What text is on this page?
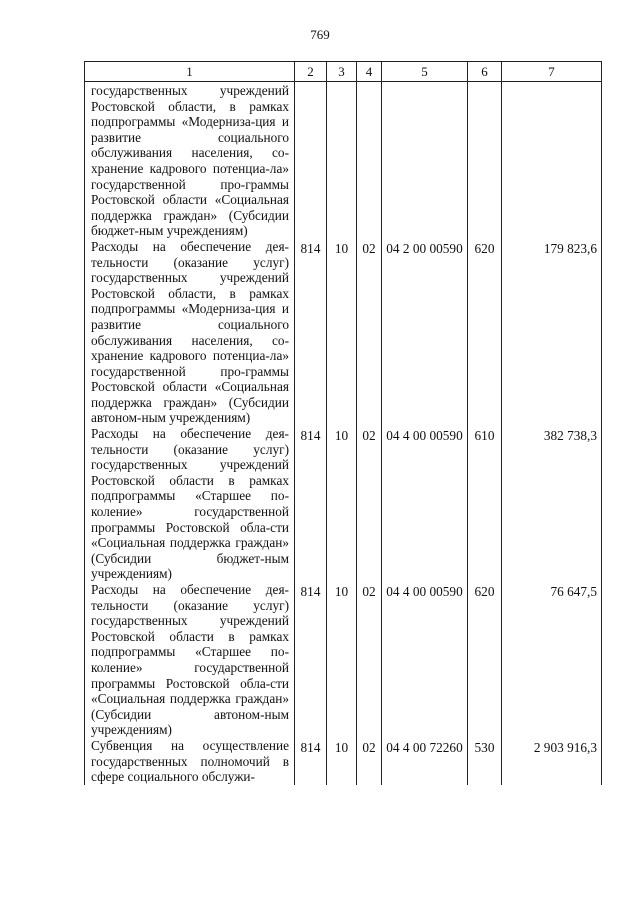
769
1	2	3	4	5	6	7
государственных учреждений Ростовской области, в рамках подпрограммы «Модерниза-ция и развитие социального обслуживания населения, со-хранение кадрового потенциа-ла» государственной про-граммы Ростовской области «Социальная поддержка граждан» (Субсидии бюджет-ным учреждениям)						
Расходы на обеспечение дея-тельности (оказание услуг) государственных учреждений Ростовской области, в рамках подпрограммы «Модерниза-ция и развитие социального обслуживания населения, со-хранение кадрового потенциа-ла» государственной про-граммы Ростовской области «Социальная поддержка граждан» (Субсидии автоном-ным учреждениям)	814	10	02	04 2 00 00590	620	179 823,6
Расходы на обеспечение дея-тельности (оказание услуг) государственных учреждений Ростовской области в рамках подпрограммы «Старшее по-коление» государственной программы Ростовской обла-сти «Социальная поддержка граждан» (Субсидии бюджет-ным учреждениям)	814	10	02	04 4 00 00590	610	382 738,3
Расходы на обеспечение дея-тельности (оказание услуг) государственных учреждений Ростовской области в рамках подпрограммы «Старшее по-коление» государственной программы Ростовской обла-сти «Социальная поддержка граждан» (Субсидии автоном-ным учреждениям)	814	10	02	04 4 00 00590	620	76 647,5
Субвенция на осуществление государственных полномочий в сфере социального обслужи-	814	10	02	04 4 00 72260	530	2 903 916,3
